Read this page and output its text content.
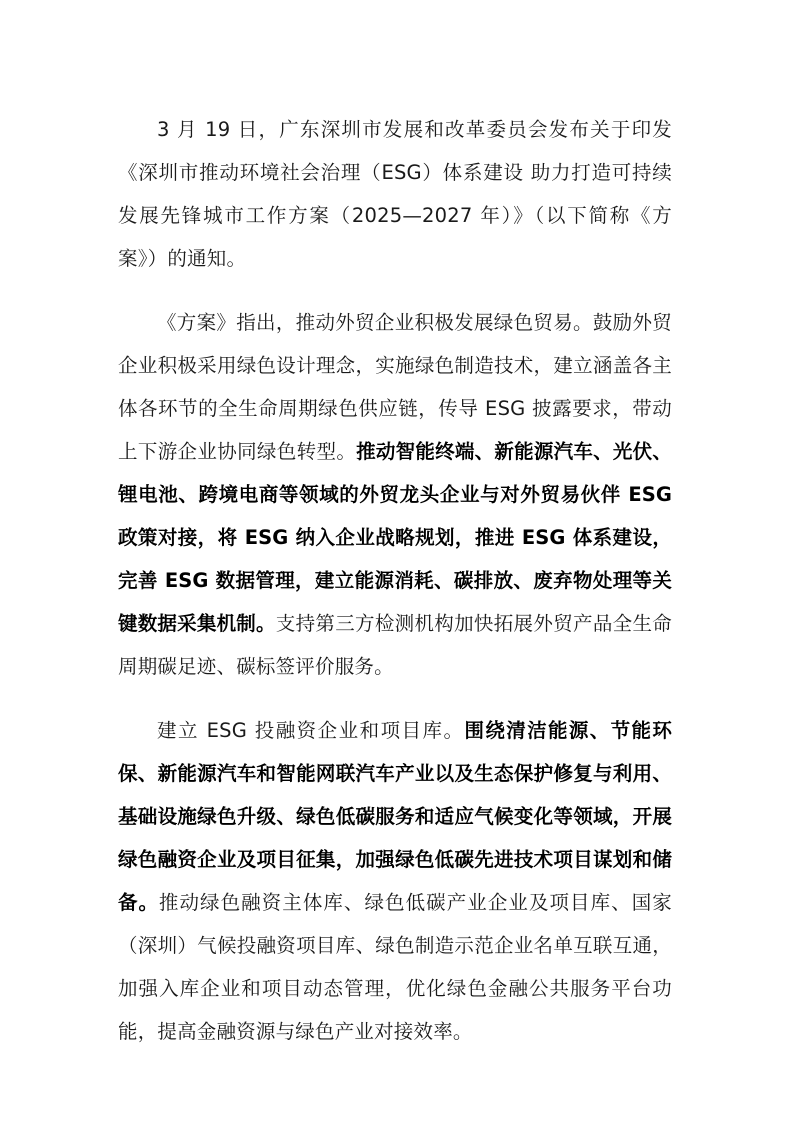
3 月 19 日，广东深圳市发展和改革委员会发布关于印发《深圳市推动环境社会治理（ESG）体系建设 助力打造可持续发展先锋城市工作方案（2025—2027 年）》（以下简称《方案》）的通知。

《方案》指出，推动外贸企业积极发展绿色贸易。鼓励外贸企业积极采用绿色设计理念，实施绿色制造技术，建立涵盖各主体各环节的全生命周期绿色供应链，传导 ESG 披露要求，带动上下游企业协同绿色转型。推动智能终端、新能源汽车、光伏、锂电池、跨境电商等领域的外贸龙头企业与对外贸易伙伴 ESG 政策对接，将 ESG 纳入企业战略规划，推进 ESG 体系建设，完善 ESG 数据管理，建立能源消耗、碳排放、废弃物处理等关键数据采集机制。支持第三方检测机构加快拓展外贸产品全生命周期碳足迹、碳标签评价服务。

建立 ESG 投融资企业和项目库。围绕清洁能源、节能环保、新能源汽车和智能网联汽车产业以及生态保护修复与利用、基础设施绿色升级、绿色低碳服务和适应气候变化等领域，开展绿色融资企业及项目征集，加强绿色低碳先进技术项目谋划和储备。推动绿色融资主体库、绿色低碳产业企业及项目库、国家（深圳）气候投融资项目库、绿色制造示范企业名单互联互通，加强入库企业和项目动态管理，优化绿色金融公共服务平台功能，提高金融资源与绿色产业对接效率。
